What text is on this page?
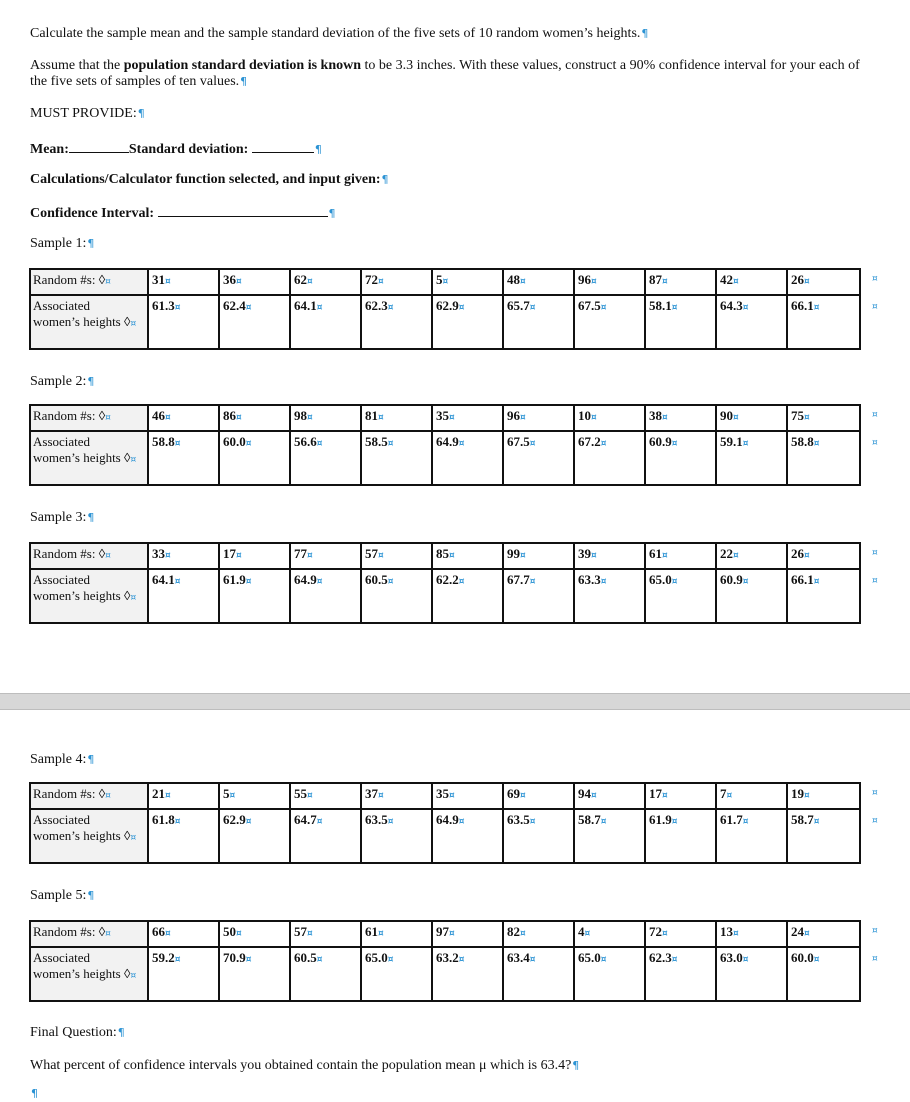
Calculate the sample mean and the sample standard deviation of the five sets of 10 random women’s heights.¶
Assume that the population standard deviation is known to be 3.3 inches. With these values, construct a 90% confidence interval for your each of the five sets of samples of ten values.¶
MUST PROVIDE:¶
Mean:	Standard deviation:	¶
Calculations/Calculator function selected, and input given:¶
Confidence Interval:	¶
Sample 1:¶
Random #s: ◊¤	31¤	36¤	62¤	72¤	5¤	48¤	96¤	87¤	42¤	26¤
Associated
women’s heights ◊¤	61.3¤	62.4¤	64.1¤	62.3¤	62.9¤	65.7¤	67.5¤	58.1¤	64.3¤	66.1¤
Sample 2:¶
Random #s: ◊¤	46¤	86¤	98¤	81¤	35¤	96¤	10¤	38¤	90¤	75¤
Associated
women’s heights ◊¤	58.8¤	60.0¤	56.6¤	58.5¤	64.9¤	67.5¤	67.2¤	60.9¤	59.1¤	58.8¤
Sample 3:¶
Random #s: ◊¤	33¤	17¤	77¤	57¤	85¤	99¤	39¤	61¤	22¤	26¤
Associated
women’s heights ◊¤	64.1¤	61.9¤	64.9¤	60.5¤	62.2¤	67.7¤	63.3¤	65.0¤	60.9¤	66.1¤
¤
¤
¤
¤
¤
¤
Sample 4:¶
Random #s: ◊¤	21¤	5¤	55¤	37¤	35¤	69¤	94¤	17¤	7¤	19¤
Associated
women’s heights ◊¤	61.8¤	62.9¤	64.7¤	63.5¤	64.9¤	63.5¤	58.7¤	61.9¤	61.7¤	58.7¤
Sample 5:¶
Random #s: ◊¤	66¤	50¤	57¤	61¤	97¤	82¤	4¤	72¤	13¤	24¤
Associated
women’s heights ◊¤	59.2¤	70.9¤	60.5¤	65.0¤	63.2¤	63.4¤	65.0¤	62.3¤	63.0¤	60.0¤
Final Question:¶
What percent of confidence intervals you obtained contain the population mean μ which is 63.4?¶
¶
¤
¤
¤
¤
